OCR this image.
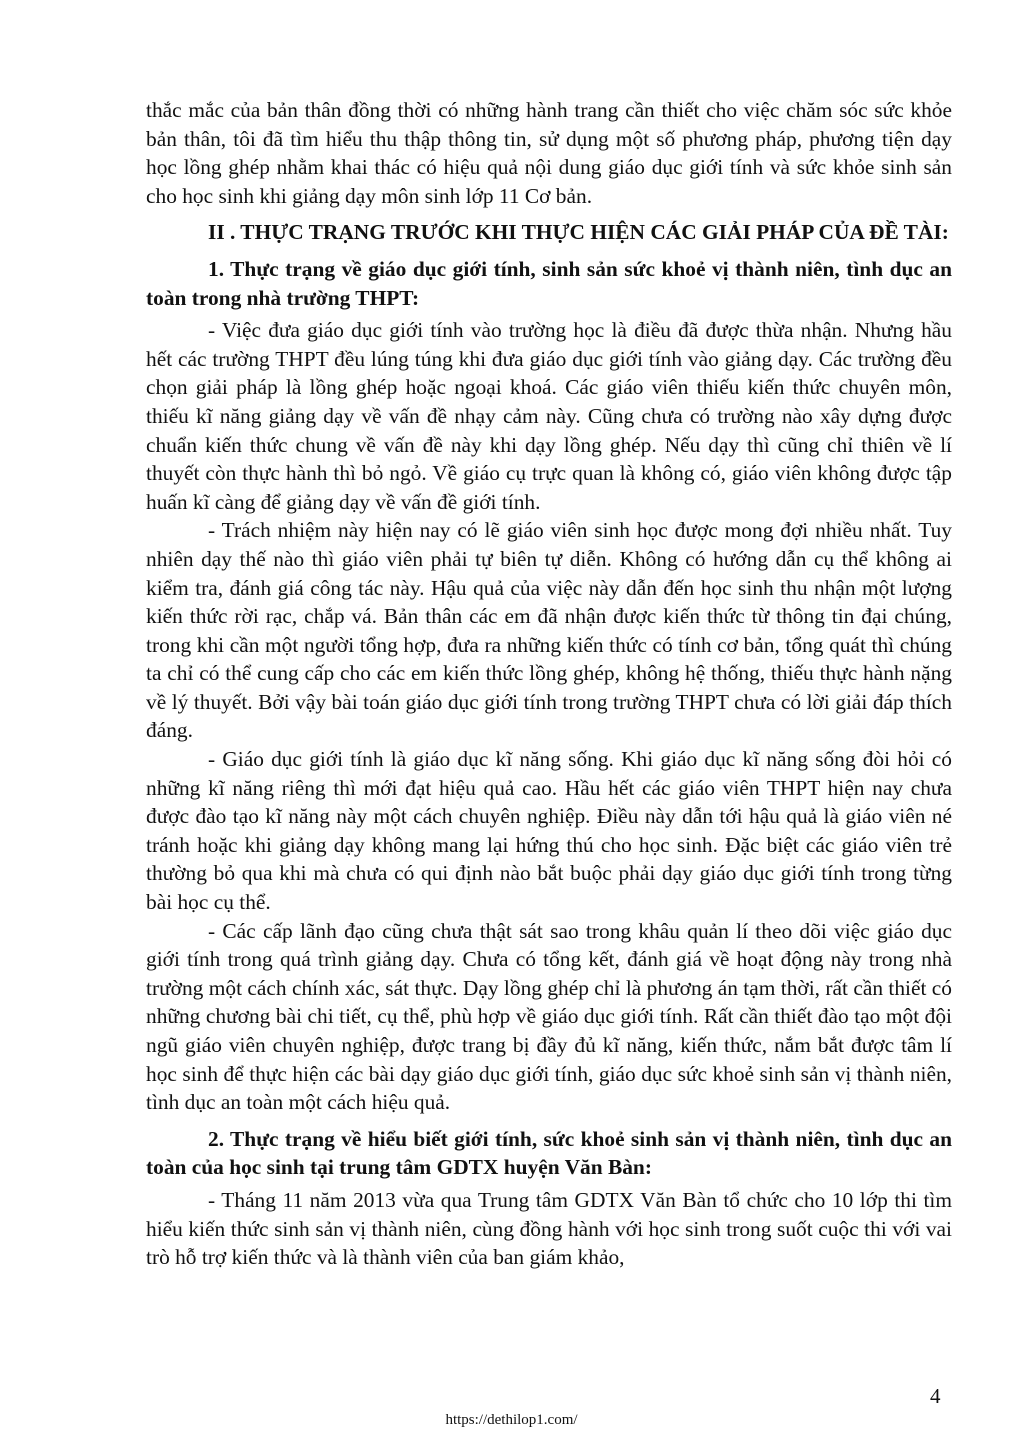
thắc mắc của bản thân đồng thời có những hành trang cần thiết cho việc chăm sóc sức khỏe bản thân, tôi đã tìm hiểu thu thập thông tin, sử dụng một số phương pháp, phương tiện dạy học lồng ghép nhằm khai thác có hiệu quả nội dung giáo dục giới tính và sức khỏe sinh sản cho học sinh khi giảng dạy môn sinh lớp 11 Cơ bản.

II . THỰC TRẠNG TRƯỚC KHI THỰC HIỆN CÁC GIẢI PHÁP CỦA ĐỀ TÀI:

1. Thực trạng về giáo dục giới tính, sinh sản sức khoẻ vị thành niên, tình dục an toàn trong nhà trường THPT:

- Việc đưa giáo dục giới tính vào trường học là điều đã được thừa nhận. Nhưng hầu hết các trường THPT đều lúng túng khi đưa giáo dục giới tính vào giảng dạy. Các trường đều chọn giải pháp là lồng ghép hoặc ngoại khoá. Các giáo viên thiếu kiến thức chuyên môn, thiếu kĩ năng giảng dạy về vấn đề nhạy cảm này. Cũng chưa có trường nào xây dựng được chuẩn kiến thức chung về vấn đề này khi dạy lồng ghép. Nếu dạy thì cũng chỉ thiên về lí thuyết còn thực hành thì bỏ ngỏ. Về giáo cụ trực quan là không có, giáo viên không được tập huấn kĩ càng để giảng dạy về vấn đề giới tính.

- Trách nhiệm này hiện nay có lẽ giáo viên sinh học được mong đợi nhiều nhất. Tuy nhiên dạy thế nào thì giáo viên phải tự biên tự diễn. Không có hướng dẫn cụ thể không ai kiểm tra, đánh giá công tác này. Hậu quả của việc này dẫn đến học sinh thu nhận một lượng kiến thức rời rạc, chắp vá. Bản thân các em đã nhận được kiến thức từ thông tin đại chúng, trong khi cần một người tổng hợp, đưa ra những kiến thức có tính cơ bản, tổng quát thì chúng ta chỉ có thể cung cấp cho các em kiến thức lồng ghép, không hệ thống, thiếu thực hành nặng về lý thuyết. Bởi vậy bài toán giáo dục giới tính trong trường THPT chưa có lời giải đáp thích đáng.

- Giáo dục giới tính là giáo dục kĩ năng sống. Khi giáo dục kĩ năng sống đòi hỏi có những kĩ năng riêng thì mới đạt hiệu quả cao. Hầu hết các giáo viên THPT hiện nay chưa được đào tạo kĩ năng này một cách chuyên nghiệp. Điều này dẫn tới hậu quả là giáo viên né tránh hoặc khi giảng dạy không mang lại hứng thú cho học sinh. Đặc biệt các giáo viên trẻ thường bỏ qua khi mà chưa có qui định nào bắt buộc phải dạy giáo dục giới tính trong từng bài học cụ thể.

- Các cấp lãnh đạo cũng chưa thật sát sao trong khâu quản lí theo dõi việc giáo dục giới tính trong quá trình giảng dạy. Chưa có tổng kết, đánh giá về hoạt động này trong nhà trường một cách chính xác, sát thực. Dạy lồng ghép chỉ là phương án tạm thời, rất cần thiết có những chương bài chi tiết, cụ thể, phù hợp về giáo dục giới tính. Rất cần thiết đào tạo một đội ngũ giáo viên chuyên nghiệp, được trang bị đầy đủ kĩ năng, kiến thức, nắm bắt được tâm lí học sinh để thực hiện các bài dạy giáo dục giới tính, giáo dục sức khoẻ sinh sản vị thành niên, tình dục an toàn một cách hiệu quả.

2. Thực trạng về hiểu biết giới tính, sức khoẻ sinh sản vị thành niên, tình dục an toàn của học sinh tại trung tâm GDTX huyện Văn Bàn:

- Tháng 11 năm 2013 vừa qua Trung tâm GDTX Văn Bàn tổ chức cho 10 lớp thi tìm hiểu kiến thức sinh sản vị thành niên, cùng đồng hành với học sinh trong suốt cuộc thi với vai trò hỗ trợ kiến thức và là thành viên của ban giám khảo,

4
https://dethilop1.com/
